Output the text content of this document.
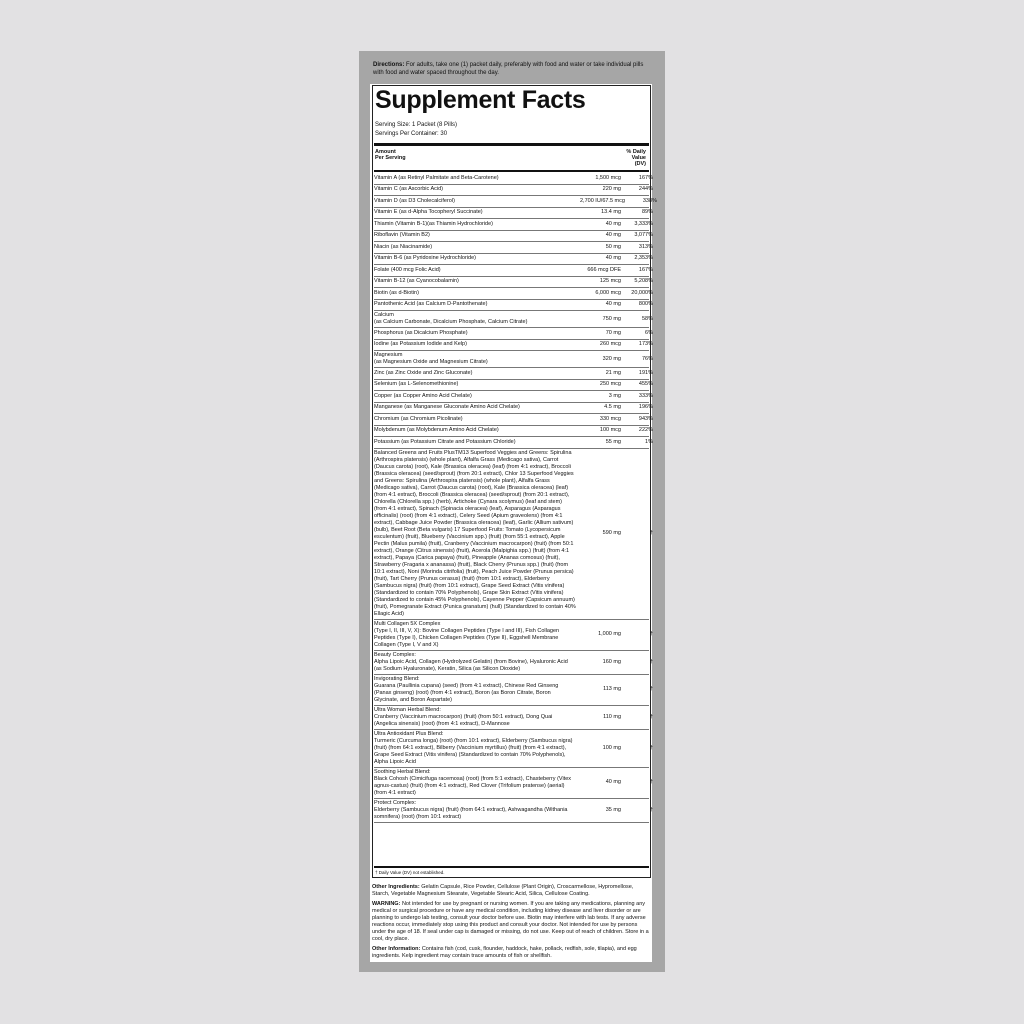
Directions: For adults, take one (1) packet daily, preferably with food and water or take individual pills with food and water spaced throughout the day.
Supplement Facts
Serving Size: 1 Packet (8 Pills)
Servings Per Container: 30
Amount
Per Serving
% Daily
Value
(DV)
Vitamin A (as Retinyl Palmitate and Beta-Carotene)	1,500 mcg	167%
Vitamin C (as Ascorbic Acid)	220 mg	244%
Vitamin D (as D3 Cholecalciferol)	2,700 IU/67.5 mcg	338%
Vitamin E (as d-Alpha Tocopheryl Succinate)	13.4 mg	89%
Thiamin (Vitamin B-1)(as Thiamin Hydrochloride)	40 mg	3,333%
Riboflavin (Vitamin B2)	40 mg	3,077%
Niacin (as Niacinamide)	50 mg	313%
Vitamin B-6 (as Pyridoxine Hydrochloride)	40 mg	2,353%
Folate (400 mcg Folic Acid)	666 mcg DFE	167%
Vitamin B-12 (as Cyanocobalamin)	125 mcg	5,208%
Biotin (as d-Biotin)	6,000 mcg	20,000%
Pantothenic Acid (as Calcium D-Pantothenate)	40 mg	800%
Calcium
(as Calcium Carbonate, Dicalcium Phosphate, Calcium Citrate)
750 mg	58%
Phosphorus (as Dicalcium Phosphate)	70 mg	6%
Iodine (as Potassium Iodide and Kelp)	260 mcg	173%
Magnesium
(as Magnesium Oxide and Magnesium Citrate)
320 mg	76%
Zinc (as Zinc Oxide and Zinc Gluconate)	21 mg	191%
Selenium (as L-Selenomethionine)	250 mcg	455%
Copper (as Copper Amino Acid Chelate)	3 mg	333%
Manganese (as Manganese Gluconate Amino Acid Chelate)	4.5 mg	196%
Chromium (as Chromium Picolinate)	330 mcg	943%
Molybdenum (as Molybdenum Amino Acid Chelate)	100 mcg	222%
Potassium (as Potassium Citrate and Potassium Chloride)	55 mg	1%
Balanced Greens and Fruits PlusTM13 Superfood Veggies and Greens: Spirulina (Arthrospira platensis) (whole plant), Alfalfa Grass (Medicago sativa), Carrot (Daucus carota) (root), Kale (Brassica oleracea) (leaf) (from 4:1 extract), Broccoli (Brassica oleracea) (seed/sprout) (from 20:1 extract), Chlor 13 Superfood Veggies and Greens: Spirulina (Arthrospira platensis) (whole plant), Alfalfa Grass (Medicago sativa), Carrot (Daucus carota) (root), Kale (Brassica oleracea) (leaf) (from 4:1 extract), Broccoli (Brassica oleracea) (seed/sprout) (from 20:1 extract), Chlorella (Chlorella spp.) (herb), Artichoke (Cynara scolymus) (leaf and stem) (from 4:1 extract), Spinach (Spinacia oleracea) (leaf), Asparagus (Asparagus officinalis) (root) (from 4:1 extract), Celery Seed (Apium graveolens) (from 4:1 extract), Cabbage Juice Powder (Brassica oleracea) (leaf), Garlic (Allium sativum) (bulb), Beet Root (Beta vulgaris) 17 Superfood Fruits: Tomato (Lycopersicum esculentum) (fruit), Blueberry (Vaccinium spp.) (fruit) (from 55:1 extract), Apple Pectin (Malus pumila) (fruit), Cranberry (Vaccinium macrocarpon) (fruit) (from 50:1 extract), Orange (Citrus sinensis) (fruit), Acerola (Malpighia spp.) (fruit) (from 4:1 extract), Papaya (Carica papaya) (fruit), Pineapple (Ananas comosus) (fruit), Strawberry (Fragaria x ananassa) (fruit), Black Cherry (Prunus spp.) (fruit) (from 10:1 extract), Noni (Morinda citrifolia) (fruit), Peach Juice Powder (Prunus persica) (fruit), Tart Cherry (Prunus cerasus) (fruit) (from 10:1 extract), Elderberry (Sambucus nigra) (fruit) (from 10:1 extract), Grape Seed Extract (Vitis vinifera) (Standardized to contain 70% Polyphenols), Grape Skin Extract (Vitis vinifera) (Standardized to contain 45% Polyphenols), Cayenne Pepper (Capsicum annuum) (fruit), Pomegranate Extract (Punica granatum) (hull) (Standardized to contain 40% Ellagic Acid)
590 mg	†
Multi Collagen 5X Complex
(Type I, II, III, V, X): Bovine Collagen Peptides (Type I and III), Fish Collagen Peptides (Type I), Chicken Collagen Peptides (Type II), Eggshell Membrane Collagen (Type I, V and X)
1,000 mg	†
Beauty Complex:
Alpha Lipoic Acid, Collagen (Hydrolyzed Gelatin) (from Bovine), Hyaluronic Acid (as Sodium Hyaluronate), Keratin, Silica (as Silicon Dioxide)
160 mg	†
Invigorating Blend:
Guarana (Paullinia cupana) (seed) (from 4:1 extract), Chinese Red Ginseng (Panax ginseng) (root) (from 4:1 extract), Boron (as Boron Citrate, Boron Glycinate, and Boron Aspartate)
113 mg	†
Ultra Woman Herbal Blend:
Cranberry (Vaccinium macrocarpon) (fruit) (from 50:1 extract), Dong Quai (Angelica sinensis) (root) (from 4:1 extract), D-Mannose
110 mg	†
Ultra Antioxidant Plus Blend:
Turmeric (Curcuma longa) (root) (from 10:1 extract), Elderberry (Sambucus nigra) (fruit) (from 64:1 extract), Bilberry (Vaccinium myrtillus) (fruit) (from 4:1 extract), Grape Seed Extract (Vitis vinifera) (Standardized to contain 70% Polyphenols), Alpha Lipoic Acid
100 mg	†
Soothing Herbal Blend:
Black Cohosh (Cimicifuga racemosa) (root) (from 5:1 extract), Chasteberry (Vitex agnus-castus) (fruit) (from 4:1 extract), Red Clover (Trifolium pratense) (aerial) (from 4:1 extract)
40 mg	†
Protect Complex:
Elderberry (Sambucus nigra) (fruit) (from 64:1 extract), Ashwagandha (Withania somnifera) (root) (from 10:1 extract)
35 mg	†
† Daily Value (DV) not established.

Other Ingredients: Gelatin Capsule, Rice Powder, Cellulose (Plant Origin), Croscarmellose, Hypromellose, Starch, Vegetable Magnesium Stearate, Vegetable Stearic Acid, Silica, Cellulose Coating.

WARNING: Not intended for use by pregnant or nursing women. If you are taking any medications, planning any medical or surgical procedure or have any medical condition, including kidney disease and liver disorder or are planning to undergo lab testing, consult your doctor before use. Biotin may interfere with lab tests. If any adverse reactions occur, immediately stop using this product and consult your doctor. Not intended for use by persons under the age of 18. If seal under cap is damaged or missing, do not use. Keep out of reach of children. Store in a cool, dry place.

Other Information: Contains fish (cod, cusk, flounder, haddock, hake, pollack, redfish, sole, tilapia), and egg ingredients. Kelp ingredient may contain trace amounts of fish or shellfish.
